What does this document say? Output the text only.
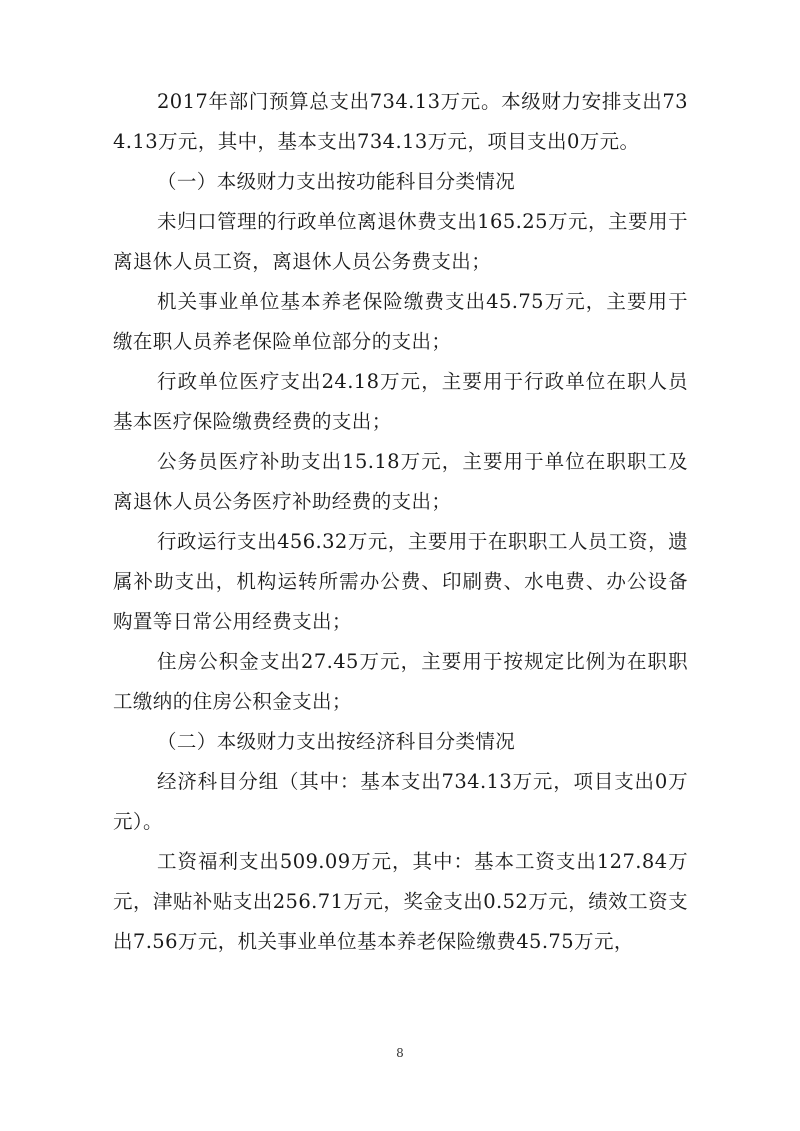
2017年部门预算总支出734.13万元。本级财力安排支出734.13万元，其中，基本支出734.13万元，项目支出0万元。

（一）本级财力支出按功能科目分类情况

未归口管理的行政单位离退休费支出165.25万元，主要用于离退休人员工资，离退休人员公务费支出；

机关事业单位基本养老保险缴费支出45.75万元，主要用于缴在职人员养老保险单位部分的支出；

行政单位医疗支出24.18万元，主要用于行政单位在职人员基本医疗保险缴费经费的支出；

公务员医疗补助支出15.18万元，主要用于单位在职职工及离退休人员公务医疗补助经费的支出；

行政运行支出456.32万元，主要用于在职职工人员工资，遗属补助支出，机构运转所需办公费、印刷费、水电费、办公设备购置等日常公用经费支出；

住房公积金支出27.45万元，主要用于按规定比例为在职职工缴纳的住房公积金支出；

（二）本级财力支出按经济科目分类情况

经济科目分组（其中：基本支出734.13万元，项目支出0万元）。

工资福利支出509.09万元，其中：基本工资支出127.84万元，津贴补贴支出256.71万元，奖金支出0.52万元，绩效工资支出7.56万元，机关事业单位基本养老保险缴费45.75万元，

8
